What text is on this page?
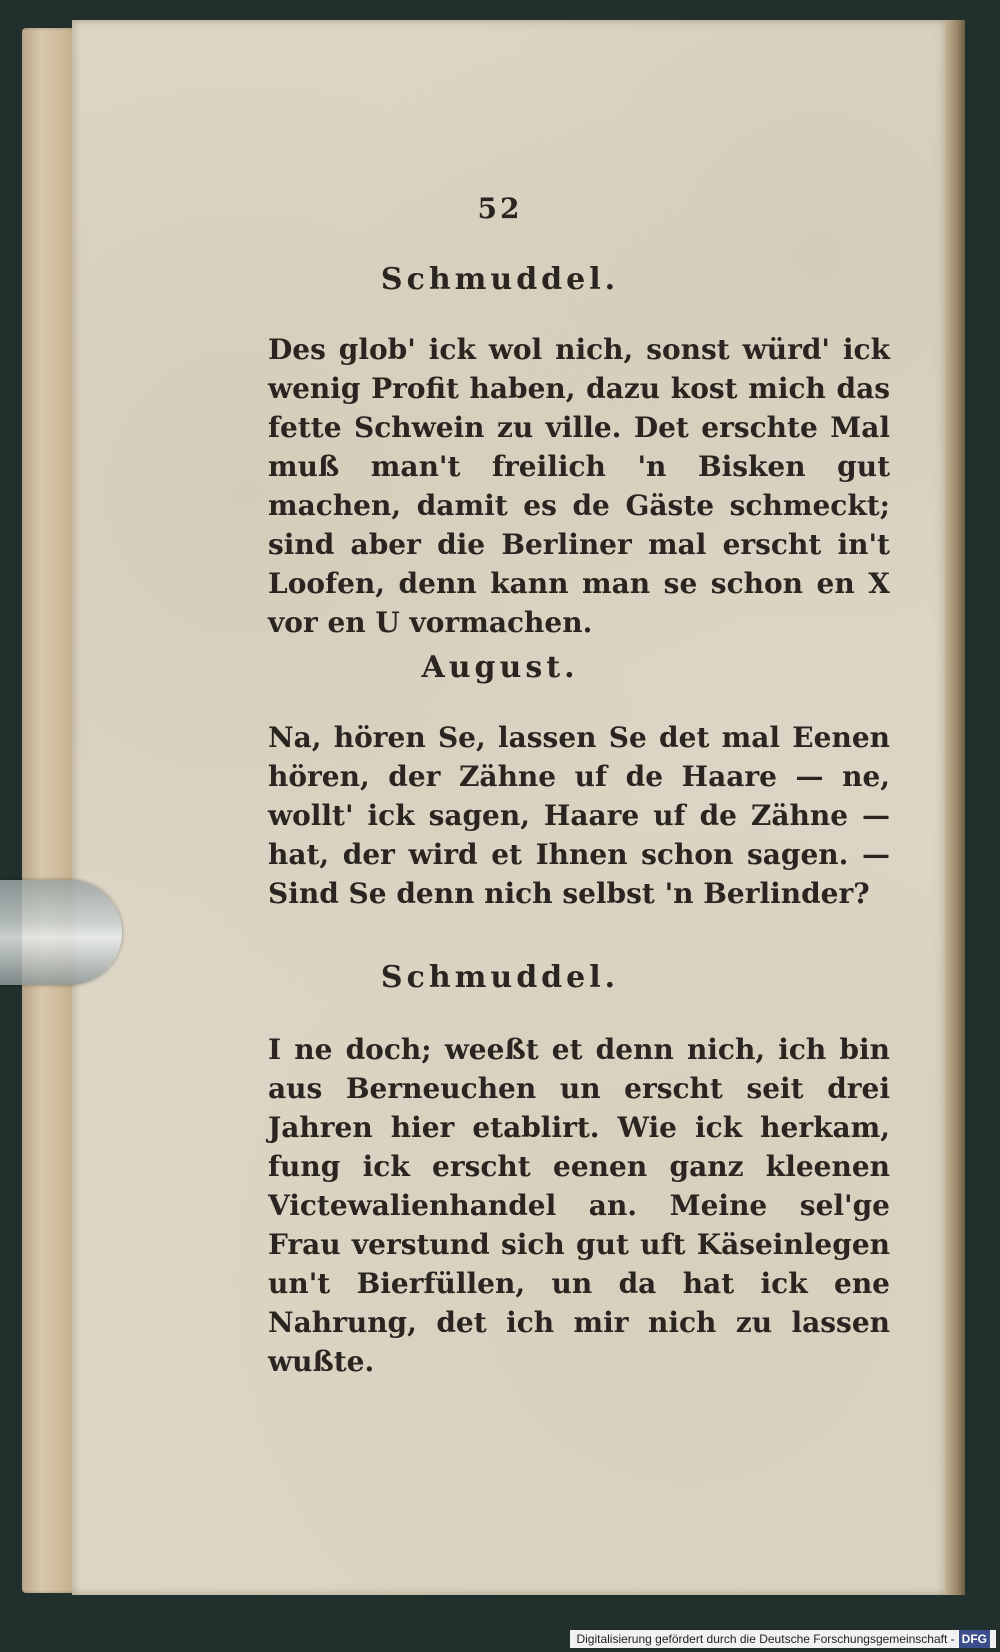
52
Schmuddel.

Des glob' ick wol nich, sonst würd' ick wenig Profit haben, dazu kost mich das fette Schwein zu ville. Det erschte Mal muß man't freilich 'n Bisken gut machen, damit es de Gäste schmeckt; sind aber die Berliner mal erscht in't Loofen, denn kann man se schon en X vor en U vormachen.

August.

Na, hören Se, lassen Se det mal Eenen hören, der Zähne uf de Haare — ne, wollt' ick sagen, Haare uf de Zähne — hat, der wird et Ihnen schon sagen. — Sind Se denn nich selbst 'n Berlinder?

Schmuddel.

I ne doch; weeßt et denn nich, ich bin aus Berneuchen un erscht seit drei Jahren hier etablirt. Wie ick herkam, fung ick erscht eenen ganz kleenen Victewalienhandel an. Meine sel'ge Frau verstund sich gut uft Käseinlegen un't Bierfüllen, un da hat ick ene Nahrung, det ich mir nich zu lassen wußte.

Digitalisierung gefördert durch die Deutsche Forschungsgemeinschaft - DFG
